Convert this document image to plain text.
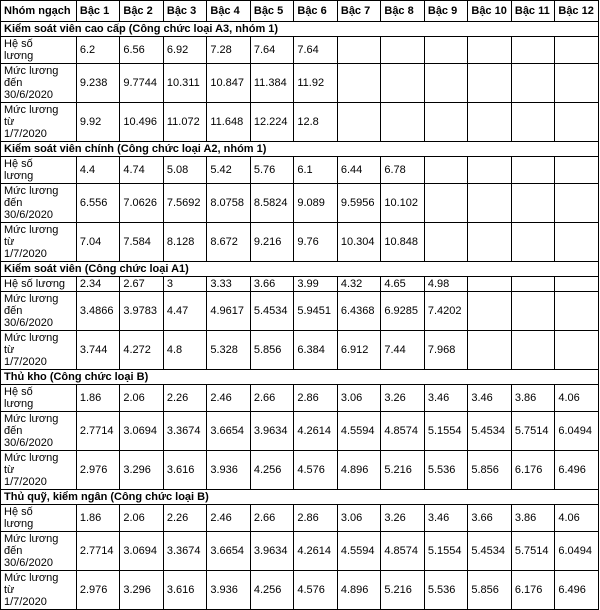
Nhóm ngạch	Bậc 1	Bậc 2	Bậc 3	Bậc 4	Bậc 5	Bậc 6	Bậc 7	Bậc 8	Bậc 9	Bậc 10	Bậc 11	Bậc 12
Kiểm soát viên cao cấp (Công chức loại A3, nhóm 1)												
Hệ số
lương	6.2	6.56	6.92	7.28	7.64	7.64						
Mức lương
đến
30/6/2020	9.238	9.7744	10.311	10.847	11.384	11.92						
Mức lương
từ
1/7/2020	9.92	10.496	11.072	11.648	12.224	12.8						
Kiểm soát viên chính (Công chức loại A2, nhóm 1)												
Hệ số
lương	4.4	4.74	5.08	5.42	5.76	6.1	6.44	6.78				
Mức lương
đến
30/6/2020	6.556	7.0626	7.5692	8.0758	8.5824	9.089	9.5956	10.102				
Mức lương
từ
1/7/2020	7.04	7.584	8.128	8.672	9.216	9.76	10.304	10.848				
Kiểm soát viên (Công chức loại A1)												
Hệ số lương	2.34	2.67	3	3.33	3.66	3.99	4.32	4.65	4.98			
Mức lương
đến
30/6/2020	3.4866	3.9783	4.47	4.9617	5.4534	5.9451	6.4368	6.9285	7.4202			
Mức lương
từ
1/7/2020	3.744	4.272	4.8	5.328	5.856	6.384	6.912	7.44	7.968			
Thủ kho (Công chức loại B)												
Hệ số
lương	1.86	2.06	2.26	2.46	2.66	2.86	3.06	3.26	3.46	3.46	3.86	4.06
Mức lương
đến
30/6/2020	2.7714	3.0694	3.3674	3.6654	3.9634	4.2614	4.5594	4.8574	5.1554	5.4534	5.7514	6.0494
Mức lương
từ
1/7/2020	2.976	3.296	3.616	3.936	4.256	4.576	4.896	5.216	5.536	5.856	6.176	6.496
Thủ quỹ, kiểm ngân (Công chức loại B)												
Hệ số
lương	1.86	2.06	2.26	2.46	2.66	2.86	3.06	3.26	3.46	3.66	3.86	4.06
Mức lương
đến
30/6/2020	2.7714	3.0694	3.3674	3.6654	3.9634	4.2614	4.5594	4.8574	5.1554	5.4534	5.7514	6.0494
Mức lương
từ
1/7/2020	2.976	3.296	3.616	3.936	4.256	4.576	4.896	5.216	5.536	5.856	6.176	6.496
